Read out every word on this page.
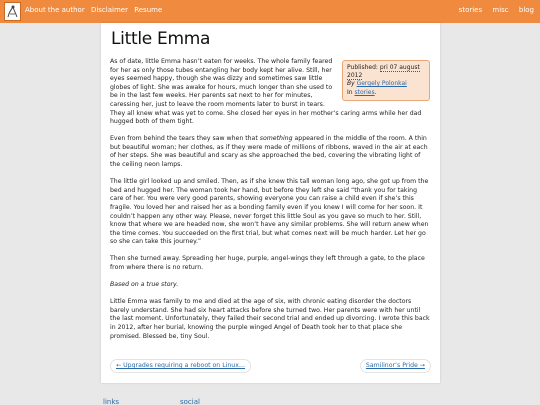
About the author Disclaimer Resume	stories misc blog
Little Emma
Published: pri 07 august 2012
By Gergely Polonkai
In stories.

As of date, little Emma hasn’t eaten for weeks. The whole family feared for her as only those tubes entangling her body kept her alive. Still, her eyes seemed happy, though she was dizzy and sometimes saw little globes of light. She was awake for hours, much longer than she used to be in the last few weeks. Her parents sat next to her for minutes, caressing her, just to leave the room moments later to burst in tears. They all knew what was yet to come. She closed her eyes in her mother’s caring arms while her dad hugged both of them tight.

Even from behind the tears they saw when that something appeared in the middle of the room. A thin but beautiful woman; her clothes, as if they were made of millions of ribbons, waved in the air at each of her steps. She was beautiful and scary as she approached the bed, covering the vibrating light of the ceiling neon lamps.

The little girl looked up and smiled. Then, as if she knew this tall woman long ago, she got up from the bed and hugged her. The woman took her hand, but before they left she said “thank you for taking care of her. You were very good parents, showing everyone you can raise a child even if she’s this fragile. You loved her and raised her as a bonding family even if you knew I will come for her soon. It couldn’t happen any other way. Please, never forget this little Soul as you gave so much to her. Still, know that where we are headed now, she won’t have any similar problems. She will return anew when the time comes. You succeeded on the first trial, but what comes next will be much harder. Let her go so she can take this journey.”

Then she turned away. Spreading her huge, purple, angel-wings they left through a gate, to the place from where there is no return.

Based on a true story.

Little Emma was family to me and died at the age of six, with chronic eating disorder the doctors barely understand. She had six heart attacks before she turned two. Her parents were with her until the last moment. Unfortunately, they failed their second trial and ended up divorcing. I wrote this back in 2012, after her burial, knowing the purple winged Angel of Death took her to that place she promised. Blessed be, tiny Soul.

← Upgrades requiring a reboot on Linux…	Samilinor’s Pride →
links	social
